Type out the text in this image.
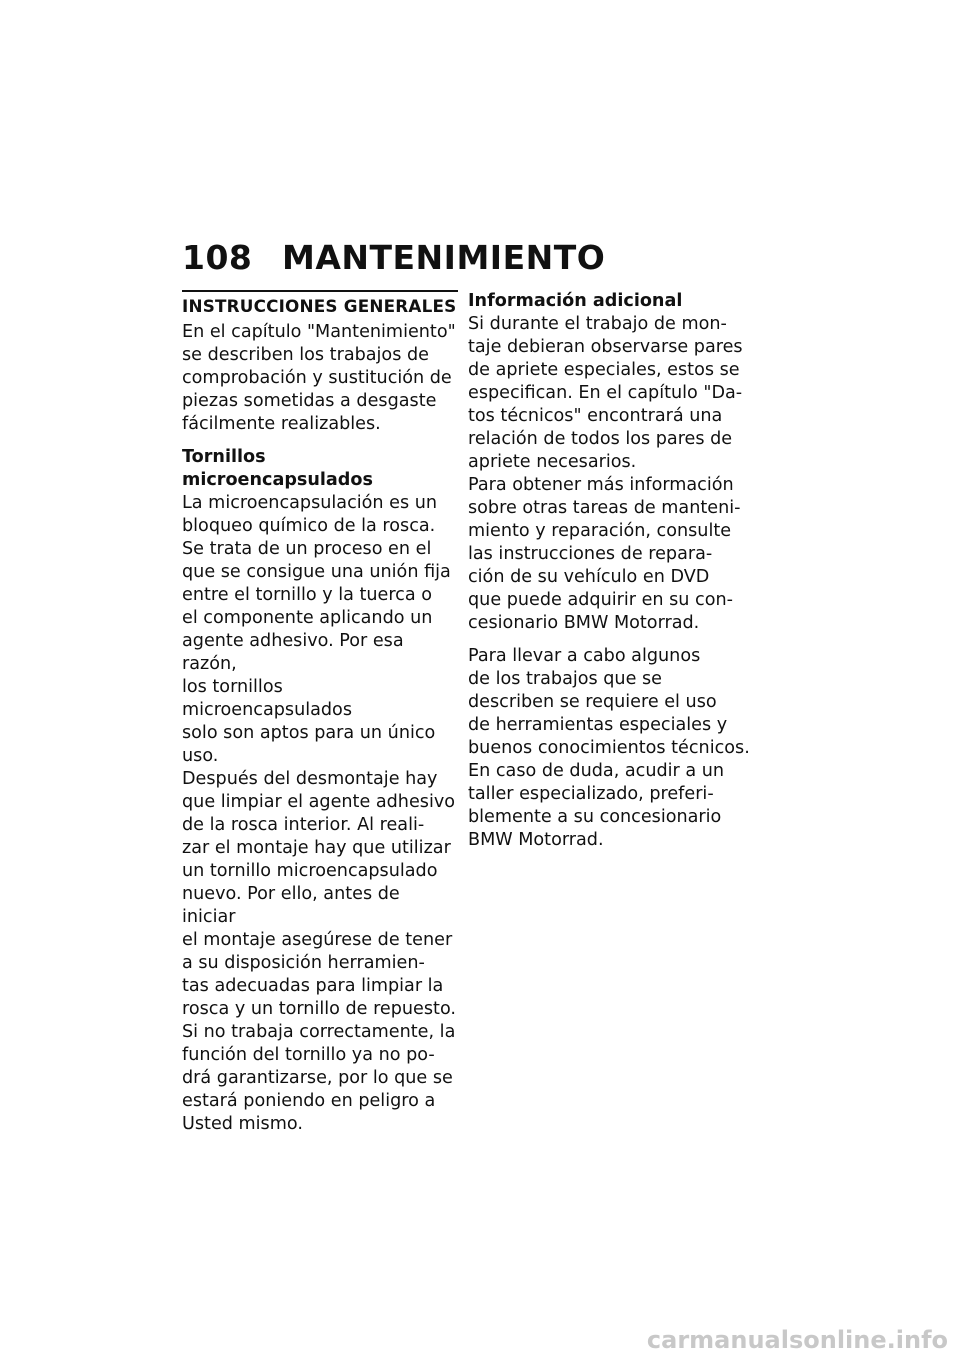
108 MANTENIMIENTO
INSTRUCCIONES GENERALES

En el capítulo "Mantenimiento"
se describen los trabajos de
comprobación y sustitución de
piezas sometidas a desgaste
fácilmente realizables.

Tornillos microencapsulados

La microencapsulación es un
bloqueo químico de la rosca.
Se trata de un proceso en el
que se consigue una unión fija
entre el tornillo y la tuerca o
el componente aplicando un
agente adhesivo. Por esa razón,
los tornillos microencapsulados
solo son aptos para un único
uso.

Después del desmontaje hay
que limpiar el agente adhesivo
de la rosca interior. Al reali-
zar el montaje hay que utilizar
un tornillo microencapsulado
nuevo. Por ello, antes de iniciar
el montaje asegúrese de tener
a su disposición herramien-
tas adecuadas para limpiar la
rosca y un tornillo de repuesto.
Si no trabaja correctamente, la
función del tornillo ya no po-
drá garantizarse, por lo que se
estará poniendo en peligro a
Usted mismo.

Información adicional

Si durante el trabajo de mon-
taje debieran observarse pares
de apriete especiales, estos se
especifican. En el capítulo "Da-
tos técnicos" encontrará una
relación de todos los pares de
apriete necesarios.

Para obtener más información
sobre otras tareas de manteni-
miento y reparación, consulte
las instrucciones de repara-
ción de su vehículo en DVD
que puede adquirir en su con-
cesionario BMW Motorrad.

Para llevar a cabo algunos
de los trabajos que se
describen se requiere el uso
de herramientas especiales y
buenos conocimientos técnicos.
En caso de duda, acudir a un
taller especializado, preferi-
blemente a su concesionario
BMW Motorrad.

carmanualsonline.info
